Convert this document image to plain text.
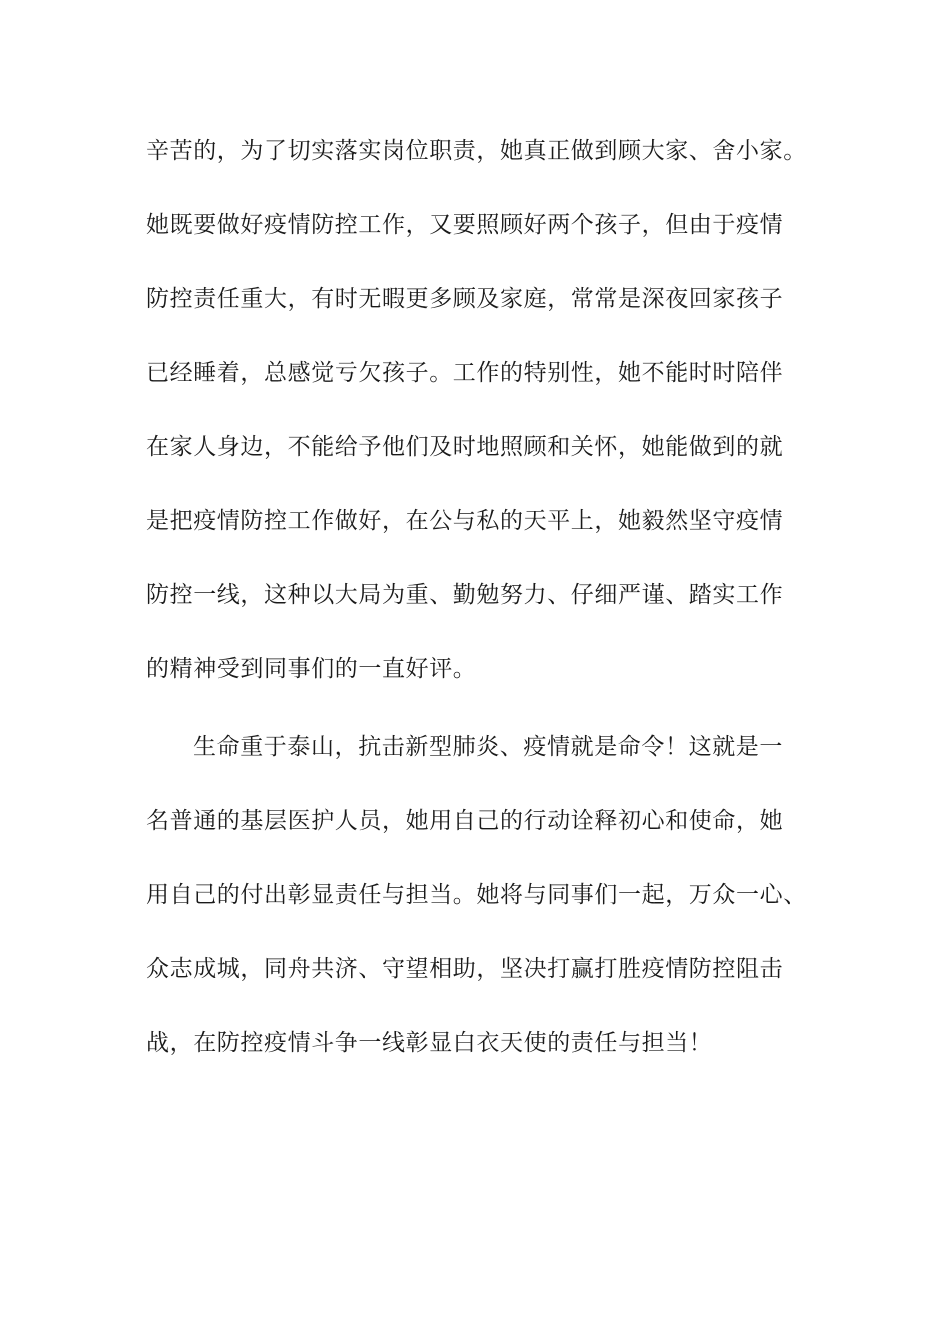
辛苦的，为了切实落实岗位职责，她真正做到顾大家、舍小家。
她既要做好疫情防控工作，又要照顾好两个孩子，但由于疫情
防控责任重大，有时无暇更多顾及家庭，常常是深夜回家孩子
已经睡着，总感觉亏欠孩子。工作的特别性，她不能时时陪伴
在家人身边，不能给予他们及时地照顾和关怀，她能做到的就
是把疫情防控工作做好，在公与私的天平上，她毅然坚守疫情
防控一线，这种以大局为重、勤勉努力、仔细严谨、踏实工作
的精神受到同事们的一直好评。
生命重于泰山，抗击新型肺炎、疫情就是命令！这就是一
名普通的基层医护人员，她用自己的行动诠释初心和使命，她
用自己的付出彰显责任与担当。她将与同事们一起，万众一心、
众志成城，同舟共济、守望相助，坚决打赢打胜疫情防控阻击
战，在防控疫情斗争一线彰显白衣天使的责任与担当！
